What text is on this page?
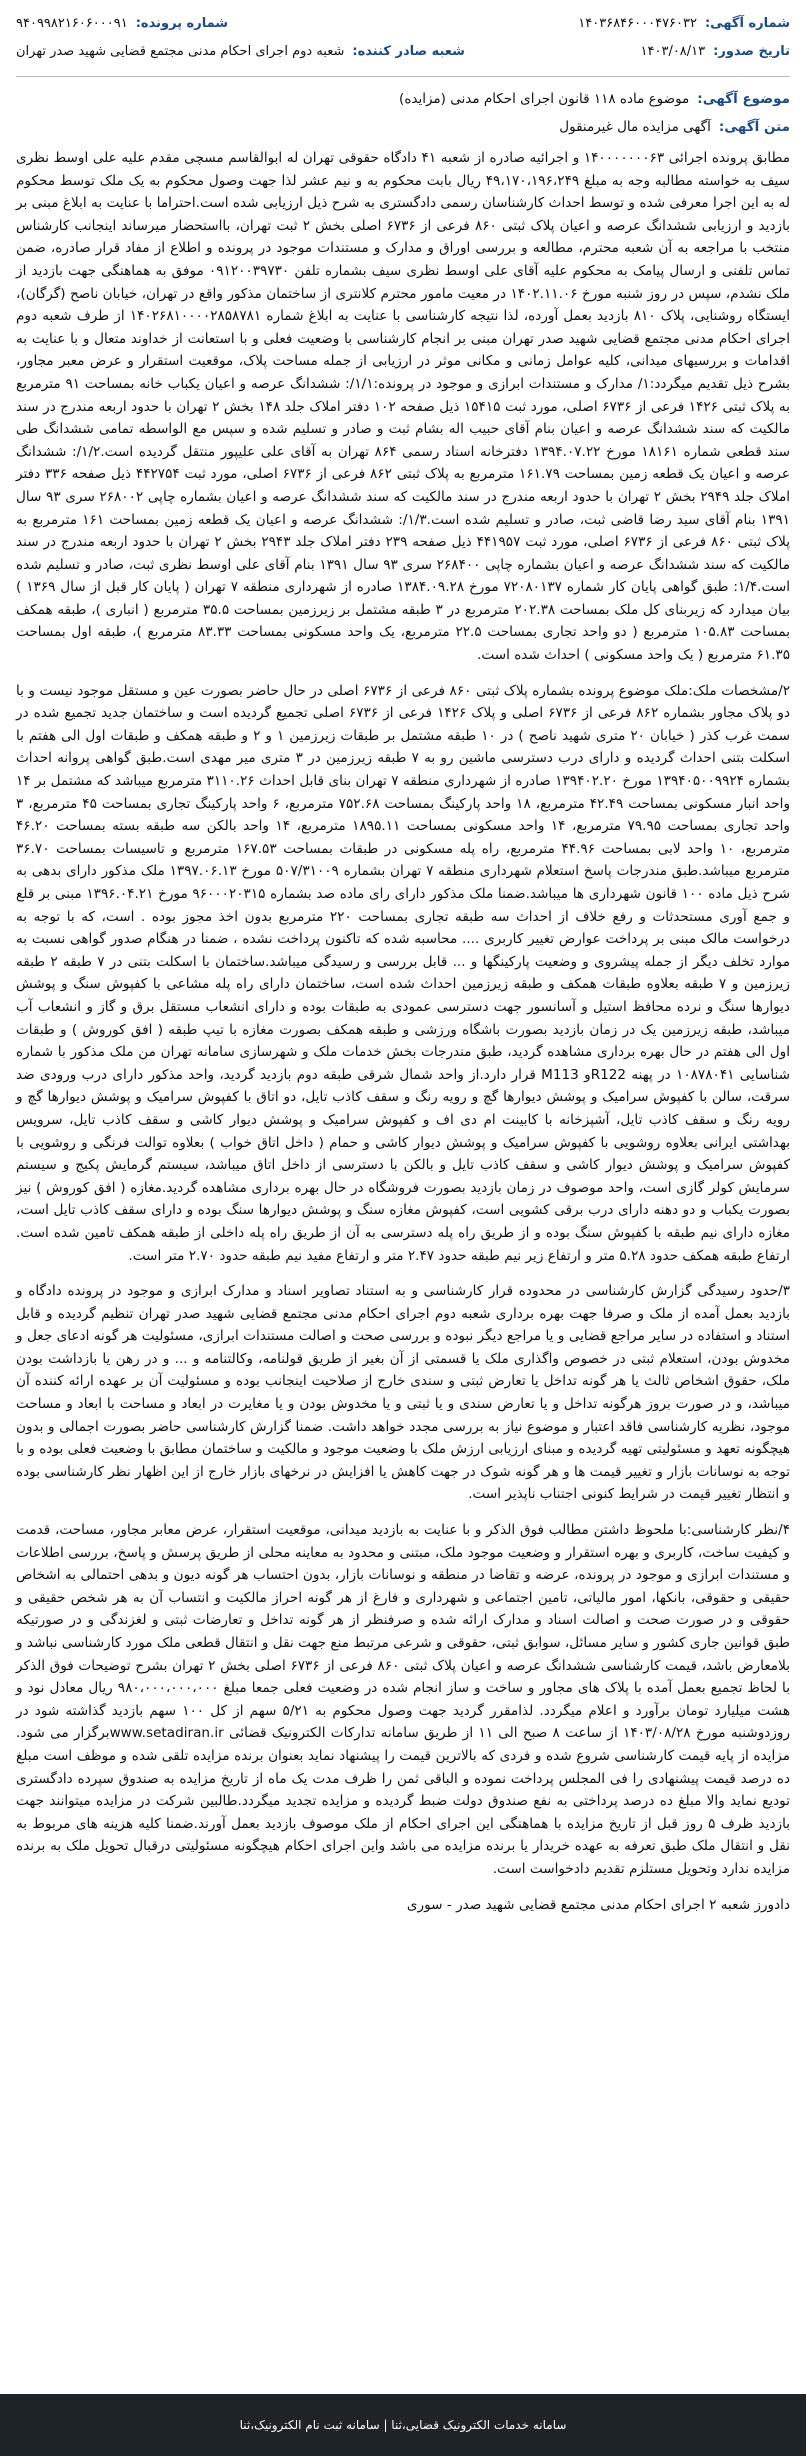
شماره آگهی:
۱۴۰۳۶۸۴۶۰۰۰۴۷۶۰۳۲
شماره پرونده:
۹۴۰۹۹۸۲۱۶۰۶۰۰۰۹۱
تاریخ صدور:
۱۴۰۳/۰۸/۱۳
شعبه صادر کننده:
شعبه دوم اجرای احکام مدنی مجتمع قضایی شهید صدر تهران
موضوع آگهی:
موضوع ماده ۱۱۸ قانون اجرای احکام مدنی (مزایده)
متن آگهی:
آگهی مزایده مال غیرمنقول

مطابق پرونده اجرائی ۱۴۰۰۰۰۰۰۰۶۳ و اجرائیه صادره از شعبه ۴۱ دادگاه حقوقی تهران له ابوالقاسم مسچی مقدم علیه علی اوسط نظری سیف به خواسته مطالبه وجه به مبلغ ۴۹،۱۷۰،۱۹۶،۲۴۹ ریال بابت محکوم به و نیم عشر لذا جهت وصول محکوم به یک ملک توسط محکوم له به این اجرا معرفی شده و توسط احداث کارشناسان رسمی دادگستری به شرح ذیل ارزیابی شده است.احتراما با عنایت به ابلاغ مبنی بر بازدید و ارزیابی ششدانگ عرصه و اعیان پلاک ثبتی ۸۶۰ فرعی از ۶۷۳۶ اصلی بخش ۲ ثبت تهران، بااستحضار میرساند اینجانب کارشناس منتخب با مراجعه به آن شعبه محترم، مطالعه و بررسی اوراق و مدارک و مستندات موجود در پرونده و اطلاع از مفاد قرار صادره، ضمن تماس تلفنی و ارسال پیامک به محکوم علیه آقای علی اوسط نظری سیف بشماره تلفن ۰۹۱۲۰۰۳۹۷۳۰ موفق به هماهنگی جهت بازدید از ملک نشدم، سپس در روز شنبه مورخ ۱۴۰۲.۱۱.۰۶ در معیت مامور محترم کلانتری از ساختمان مذکور واقع در تهران، خیابان ناصح (گرگان)، ایستگاه روشنایی، پلاک ۸۱۰ بازدید بعمل آورده، لذا نتیجه کارشناسی با عنایت به ابلاغ شماره ۱۴۰۲۶۸۱۰۰۰۰۲۸۵۸۷۸۱ از طرف شعبه دوم اجرای احکام مدنی مجتمع قضایی شهید صدر تهران مبنی بر انجام کارشناسی با وضعیت فعلی و با استعانت از خداوند متعال و با عنایت به اقدامات و بررسیهای میدانی، کلیه عوامل زمانی و مکانی موثر در ارزیابی از جمله مساحت پلاک، موقعیت استقرار و عرض معبر مجاور، بشرح ذیل تقدیم میگردد:۱/ مدارک و مستندات ابرازی و موجود در پرونده:۱/۱/: ششدانگ عرصه و اعیان یکباب خانه بمساحت ۹۱ مترمربع به پلاک ثبتی ۱۴۲۶ فرعی از ۶۷۳۶ اصلی، مورد ثبت ۱۵۴۱۵ ذیل صفحه ۱۰۲ دفتر املاک جلد ۱۴۸ بخش ۲ تهران با حدود اربعه مندرج در سند مالکیت که سند ششدانگ عرصه و اعیان بنام آقای حبیب اله بشام ثبت و صادر و تسلیم شده و سپس مع الواسطه تمامی ششدانگ طی سند قطعی شماره ۱۸۱۶۱ مورخ ۱۳۹۴.۰۷.۲۲ دفترخانه اسناد رسمی ۸۶۴ تهران به آقای علی علیپور منتقل گردیده است.۱/۲/: ششدانگ عرصه و اعیان یک قطعه زمین بمساحت ۱۶۱.۷۹ مترمربع به پلاک ثبتی ۸۶۲ فرعی از ۶۷۳۶ اصلی، مورد ثبت ۴۴۲۷۵۴ ذیل صفحه ۳۳۶ دفتر املاک جلد ۲۹۴۹ بخش ۲ تهران با حدود اربعه مندرج در سند مالکیت که سند ششدانگ عرصه و اعیان بشماره چاپی ۲۶۸۰۰۲ سری ۹۳ سال ۱۳۹۱ بنام آقای سید رضا قاضی ثبت، صادر و تسلیم شده است.۱/۳/: ششدانگ عرصه و اعیان یک قطعه زمین بمساحت ۱۶۱ مترمربع به پلاک ثبتی ۸۶۰ فرعی از ۶۷۳۶ اصلی، مورد ثبت ۴۴۱۹۵۷ ذیل صفحه ۲۳۹ دفتر املاک جلد ۲۹۴۳ بخش ۲ تهران با حدود اربعه مندرج در سند مالکیت که سند ششدانگ عرصه و اعیان بشماره چاپی ۲۶۸۴۰۰ سری ۹۳ سال ۱۳۹۱ بنام آقای علی اوسط نظری ثبت، صادر و تسلیم شده است.۱/۴: طبق گواهی پایان کار شماره ۷۲۰۸۰۱۳۷ مورخ ۱۳۸۴.۰۹.۲۸ صادره از شهرداری منطقه ۷ تهران ( پایان کار قبل از سال ۱۳۶۹ ) بیان میدارد که زیربنای کل ملک بمساحت ۲۰۲.۳۸ مترمربع در ۳ طبقه مشتمل بر زیرزمین بمساحت ۳۵.۵ مترمربع ( انباری )، طبقه همکف بمساحت ۱۰۵.۸۳ مترمربع ( دو واحد تجاری بمساحت ۲۲.۵ مترمربع، یک واحد مسکونی بمساحت ۸۳.۳۳ مترمربع )، طبقه اول بمساحت ۶۱.۳۵ مترمربع ( یک واحد مسکونی ) احداث شده است.

۲/مشخصات ملک:ملک موضوع پرونده بشماره پلاک ثبتی ۸۶۰ فرعی از ۶۷۳۶ اصلی در حال حاضر بصورت عین و مستقل موجود نیست و با دو پلاک مجاور بشماره ۸۶۲ فرعی از ۶۷۳۶ اصلی و پلاک ۱۴۲۶ فرعی از ۶۷۳۶ اصلی تجمیع گردیده است و ساختمان جدید تجمیع شده در سمت غرب کذر ( خیابان ۲۰ متری شهید ناصح ) در ۱۰ طبقه مشتمل بر طبقات زیرزمین ۱ و ۲ و طبقه همکف و طبقات اول الی هفتم با اسکلت بتنی احداث گردیده و دارای درب دسترسی ماشین رو به ۷ طبقه زیرزمین در ۳ متری میر مهدی است.طبق گواهی پروانه احداث بشماره ۱۳۹۴۰۵۰۰۹۹۲۴ مورخ ۱۳۹۴۰۲.۲۰ صادره از شهرداری منطقه ۷ تهران بنای قابل احداث ۳۱۱۰.۲۶ مترمربع میباشد که مشتمل بر ۱۴ واحد انبار مسکونی بمساحت ۴۲.۴۹ مترمربع، ۱۸ واحد پارکینگ بمساحت ۷۵۲.۶۸ مترمربع، ۶ واحد پارکینگ تجاری بمساحت ۴۵ مترمربع، ۳ واحد تجاری بمساحت ۷۹.۹۵ مترمربع، ۱۴ واحد مسکونی بمساحت ۱۸۹۵.۱۱ مترمربع، ۱۴ واحد بالکن سه طبقه بسته بمساحت ۴۶.۲۰ مترمربع، ۱۰ واحد لابی بمساحت ۴۴.۹۶ مترمربع، راه پله مسکونی در طبقات بمساحت ۱۶۷.۵۳ مترمربع و تاسیسات بمساحت ۳۶.۷۰ مترمربع میباشد.طبق مندرجات پاسخ استعلام شهرداری منطقه ۷ تهران بشماره ۵۰۷/۳۱۰۰۹ مورخ ۱۳۹۷.۰۶.۱۳ ملک مذکور دارای بدهی به شرح ذیل ماده ۱۰۰ قانون شهرداری ها میباشد.ضمنا ملک مذکور دارای رای ماده صد بشماره ۹۶۰۰۰۲۰۳۱۵ مورخ ۱۳۹۶.۰۴.۲۱ مبنی بر قلع و جمع آوری مستحدثات و رفع خلاف از احداث سه طبقه تجاری بمساحت ۲۲۰ مترمربع بدون اخذ مجوز بوده . است، که با توجه به درخواست مالک مبنی بر پرداخت عوارض تغییر کاربری .... محاسبه شده که تاکنون پرداخت نشده ، ضمنا در هنگام صدور گواهی نسبت به موارد تخلف دیگر از جمله پیشروی و وضعیت پارکینگها و ... قابل بررسی و رسیدگی میباشد.ساختمان با اسکلت بتنی در ۷ طبقه ۲ طبقه زیرزمین و ۷ طبقه بعلاوه طبقات همکف و طبقه زیرزمین احداث شده است، ساختمان دارای راه پله مشاعی با کفپوش سنگ و پوشش دیوارها سنگ و نرده محافظ استیل و آسانسور جهت دسترسی عمودی به طبقات بوده و دارای انشعاب مستقل برق و گاز و انشعاب آب میباشد، طبقه زیرزمین یک در زمان بازدید بصورت باشگاه ورزشی و طبقه همکف بصورت مغازه با تیپ طبقه ( افق کوروش ) و طبقات اول الی هفتم در حال بهره برداری مشاهده گردید، طبق مندرجات بخش خدمات ملک و شهرسازی سامانه تهران من ملک مذکور با شماره شناسایی ۱۰۸۷۸۰۴۱ در پهنه R122و M113 قرار دارد.از واحد شمال شرقی طبقه دوم بازدید گردید، واحد مذکور دارای درب ورودی ضد سرقت، سالن با کفپوش سرامیک و پوشش دیوارها گچ و رویه رنگ و سقف کاذب تایل، دو اتاق با کفپوش سرامیک و پوشش دیوارها گچ و رویه رنگ و سقف کاذب تایل، آشپزخانه با کابینت ام دی اف و کفپوش سرامیک و پوشش دیوار کاشی و سقف کاذب تایل، سرویس بهداشتی ایرانی بعلاوه روشویی با کفپوش سرامیک و پوشش دیوار کاشی و حمام ( داخل اتاق خواب ) بعلاوه توالت فرنگی و روشویی با کفپوش سرامیک و پوشش دیوار کاشی و سقف کاذب تایل و بالکن با دسترسی از داخل اتاق میباشد، سیستم گرمایش پکیج و سیستم سرمایش کولر گازی است، واحد موصوف در زمان بازدید بصورت فروشگاه در حال بهره برداری مشاهده گردید.مغازه ( افق کوروش ) نیز بصورت یکباب و دو دهنه دارای درب برقی کشویی است، کفپوش مغازه سنگ و پوشش دیوارها سنگ بوده و دارای سقف کاذب تایل است، مغازه دارای نیم طبقه با کفپوش سنگ بوده و از طریق راه پله دسترسی به آن از طریق راه پله داخلی از طبقه همکف تامین شده است. ارتفاع طبقه همکف حدود ۵.۲۸ متر و ارتفاع زیر نیم طبقه حدود ۲.۴۷ متر و ارتفاع مفید نیم طبقه حدود ۲.۷۰ متر است.

۳/حدود رسیدگی گزارش کارشناسی در محدوده قرار کارشناسی و به استناد تصاویر اسناد و مدارک ابرازی و موجود در پرونده دادگاه و بازدید بعمل آمده از ملک و صرفا جهت بهره برداری شعبه دوم اجرای احکام مدنی مجتمع قضایی شهید صدر تهران تنظیم گردیده و قابل استناد و استفاده در سایر مراجع قضایی و یا مراجع دیگر نبوده و بررسی صحت و اصالت مستندات ابرازی، مسئولیت هر گونه ادعای جعل و مخدوش بودن، استعلام ثبتی در خصوص واگذاری ملک یا قسمتی از آن بغیر از طریق قولنامه، وکالتنامه و ... و در رهن یا بازداشت بودن ملک، حقوق اشخاص ثالث یا هر گونه تداخل یا تعارض ثبتی و سندی خارج از صلاحیت اینجانب بوده و مسئولیت آن بر عهده ارائه کننده آن میباشد، و در صورت بروز هرگونه تداخل و یا تعارض سندی و یا ثبتی و یا مخدوش بودن و یا مغایرت در ابعاد و مساحت با ابعاد و مساحت موجود، نظریه کارشناسی فاقد اعتبار و موضوع نیاز به بررسی مجدد خواهد داشت. ضمنا گزارش کارشناسی حاضر بصورت اجمالی و بدون هیچگونه تعهد و مسئولیتی تهیه گردیده و مبنای ارزیابی ارزش ملک با وضعیت موجود و مالکیت و ساختمان مطابق با وضعیت فعلی بوده و با توجه به نوسانات بازار و تغییر قیمت ها و هر گونه شوک در جهت کاهش یا افزایش در نرخهای بازار خارج از این اظهار نظر کارشناسی بوده و انتظار تغییر قیمت در شرایط کنونی اجتناب ناپذیر است.

۴/نظر کارشناسی:با ملحوظ داشتن مطالب فوق الذکر و با عنایت به بازدید میدانی، موقعیت استقرار، عرض معابر مجاور، مساحت، قدمت و کیفیت ساخت، کاربری و بهره استقرار و وضعیت موجود ملک، مبتنی و محدود به معاینه محلی از طریق پرسش و پاسخ، بررسی اطلاعات و مستندات ابرازی و موجود در پرونده، عرضه و تقاضا در منطقه و نوسانات بازار، بدون احتساب هر گونه دیون و بدهی احتمالی به اشخاص حقیقی و حقوقی، بانکها، امور مالیاتی، تامین اجتماعی و شهرداری و فارغ از هر گونه احراز مالکیت و انتساب آن به هر شخص حقیقی و حقوقی و در صورت صحت و اصالت اسناد و مدارک ارائه شده و صرفنظر از هر گونه تداخل و تعارضات ثبتی و لغزندگی و در صورتیکه طبق قوانین جاری کشور و سایر مسائل، سوابق ثبتی، حقوقی و شرعی مرتبط منع جهت نقل و انتقال قطعی ملک مورد کارشناسی نباشد و بلامعارض باشد، قیمت کارشناسی ششدانگ عرصه و اعیان پلاک ثبتی ۸۶۰ فرعی از ۶۷۳۶ اصلی بخش ۲ تهران بشرح توضیحات فوق الذکر با لحاظ تجمیع بعمل آمده با پلاک های مجاور و ساخت و ساز انجام شده در وضعیت فعلی جمعا مبلغ ۹۸۰،۰۰۰،۰۰۰،۰۰۰ ریال معادل نود و هشت میلیارد تومان برآورد و اعلام میگردد. لذامقرر گردید جهت وصول محکوم به ۵/۲۱ سهم از کل ۱۰۰ سهم بازدید گذاشته شود در روزدوشنبه مورخ ۱۴۰۳/۰۸/۲۸ از ساعت ۸ صبح الی ۱۱ از طریق سامانه تدارکات الکترونیک قضائی www.setadiran.irبرگزار می شود. مزایده از پایه قیمت کارشناسی شروع شده و فردی که بالاترین قیمت را پیشنهاد نماید بعنوان برنده مزایده تلقی شده و موظف است مبلغ ده درصد قیمت پیشنهادی را فی المجلس پرداخت نموده و الباقی ثمن را ظرف مدت یک ماه از تاریخ مزایده به صندوق سپرده دادگستری تودیع نماید والا مبلغ ده درصد پرداختی به نفع صندوق دولت ضبط گردیده و مزایده تجدید میگردد.طالبین شرکت در مزایده میتوانند جهت بازدید ظرف ۵ روز قبل از تاریخ مزایده با هماهنگی این اجرای احکام از ملک موصوف بازدید بعمل آورند.ضمنا کلیه هزینه های مربوط به نقل و انتقال ملک طبق تعرفه به عهده خریدار یا برنده مزایده می باشد واین اجرای احکام هیچگونه مسئولیتی درقبال تحویل ملک به برنده مزایده ندارد وتحویل مستلزم تقدیم دادخواست است.

دادورز شعبه ۲ اجرای احکام مدنی مجتمع قضایی شهید صدر - سوری

سامانه خدمات الکترونیک قضایی،ثنا | سامانه ثبت نام الکترونیک،ثنا
